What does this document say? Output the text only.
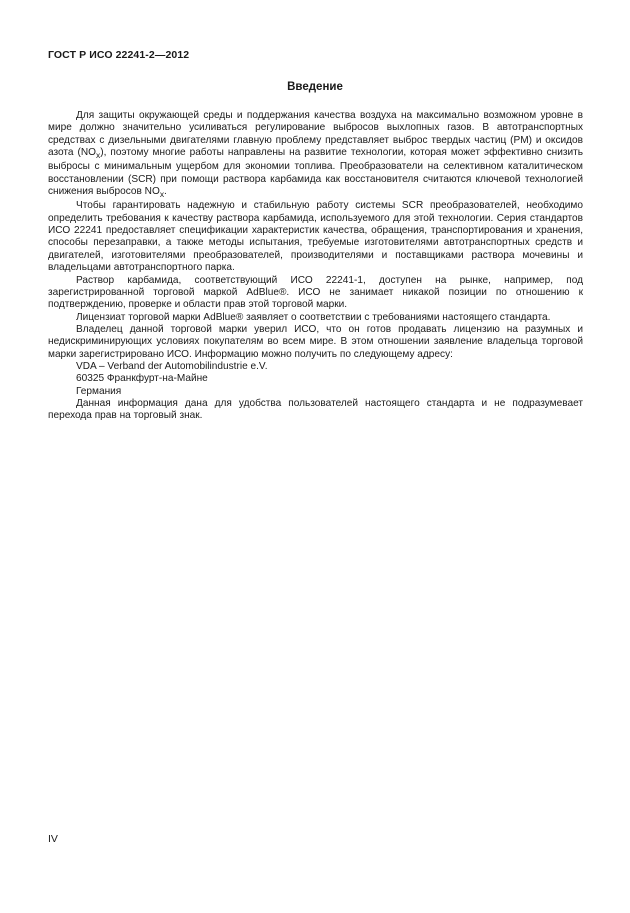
ГОСТ Р ИСО 22241-2—2012
Введение

Для защиты окружающей среды и поддержания качества воздуха на максимально возможном уровне в мире должно значительно усиливаться регулирование выбросов выхлопных газов. В автотранспортных средствах с дизельными двигателями главную проблему представляет выброс твердых частиц (PM) и оксидов азота $(NO_x)$, поэтому многие работы направлены на развитие технологии, которая может эффективно снизить выбросы с минимальным ущербом для экономии топлива. Преобразователи на селективном каталитическом восстановлении (SCR) при помощи раствора карбамида как восстановителя считаются ключевой технологией снижения выбросов $NO_x$.

Чтобы гарантировать надежную и стабильную работу системы SCR преобразователей, необходимо определить требования к качеству раствора карбамида, используемого для этой технологии. Серия стандартов ИСО 22241 предоставляет спецификации характеристик качества, обращения, транспортирования и хранения, способы перезаправки, а также методы испытания, требуемые изготовителями автотранспортных средств и двигателей, изготовителями преобразователей, производителями и поставщиками раствора мочевины и владельцами автотранспортного парка.

Раствор карбамида, соответствующий ИСО 22241-1, доступен на рынке, например, под зарегистрированной торговой маркой AdBlue®. ИСО не занимает никакой позиции по отношению к подтверждению, проверке и области прав этой торговой марки.

Лицензиат торговой марки AdBlue® заявляет о соответствии с требованиями настоящего стандарта.

Владелец данной торговой марки уверил ИСО, что он готов продавать лицензию на разумных и недискриминирующих условиях покупателям во всем мире. В этом отношении заявление владельца торговой марки зарегистрировано ИСО. Информацию можно получить по следующему адресу:

VDA – Verband der Automobilindustrie e.V.

60325 Франкфурт-на-Майне

Германия

Данная информация дана для удобства пользователей настоящего стандарта и не подразумевает перехода прав на торговый знак.

IV
